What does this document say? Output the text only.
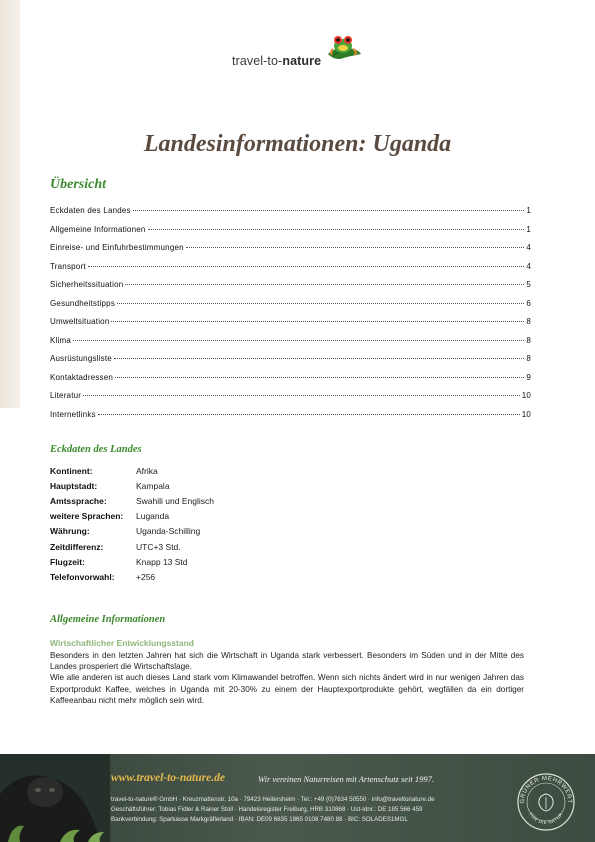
travel-to-nature
Landesinformationen: Uganda
Übersicht
Eckdaten des Landes	1
Allgemeine Informationen	1
Einreise- und Einfuhrbestimmungen	4
Transport	4
Sicherheitssituation	5
Gesundheitstipps	6
Umweltsituation	8
Klima	8
Ausrüstungsliste	8
Kontaktadressen	9
Literatur	10
Internetlinks	10
Eckdaten des Landes
Kontinent:	Afrika
Hauptstadt:	Kampala
Amtssprache:	Swahili und Englisch
weitere Sprachen:	Luganda
Währung:	Uganda-Schilling
Zeitdifferenz:	UTC+3 Std.
Flugzeit:	Knapp 13 Std
Telefonvorwahl:	+256
Allgemeine Informationen
Wirtschaftlicher Entwicklungsstand

Besonders in den letzten Jahren hat sich die Wirtschaft in Uganda stark verbessert. Besonders im Süden und in der Mitte des Landes prosperiert die Wirtschaftslage.

Wie alle anderen ist auch dieses Land stark vom Klimawandel betroffen. Wenn sich nichts ändert wird in nur wenigen Jahren das Exportprodukt Kaffee, welches in Uganda mit 20-30% zu einem der Hauptexportprodukte gehört, wegfällen da ein dortiger Kaffeeanbau nicht mehr möglich sein wird.

www.travel-to-nature.de	Wir vereinen Naturreisen mit Artenschutz seit 1997.
travel-to-nature® GmbH · Kreuzmattenstr. 10a · 79423 Heitersheim · Tel.: +49 (0)7634 50550 · info@traveltonature.de
Geschäftsführer: Tobias Fidler & Rainer Stoll · Handelsregister Freiburg, HRB 310868 · Ust-Idnr.: DE 185 566 459
Bankverbindung: Sparkasse Markgräflerland · IBAN: DE09 6835 1865 0108 7480 88 · BIC: SOLADES1MGL
GRÜNER MEHRWERT
FÜR DIE NATUR
